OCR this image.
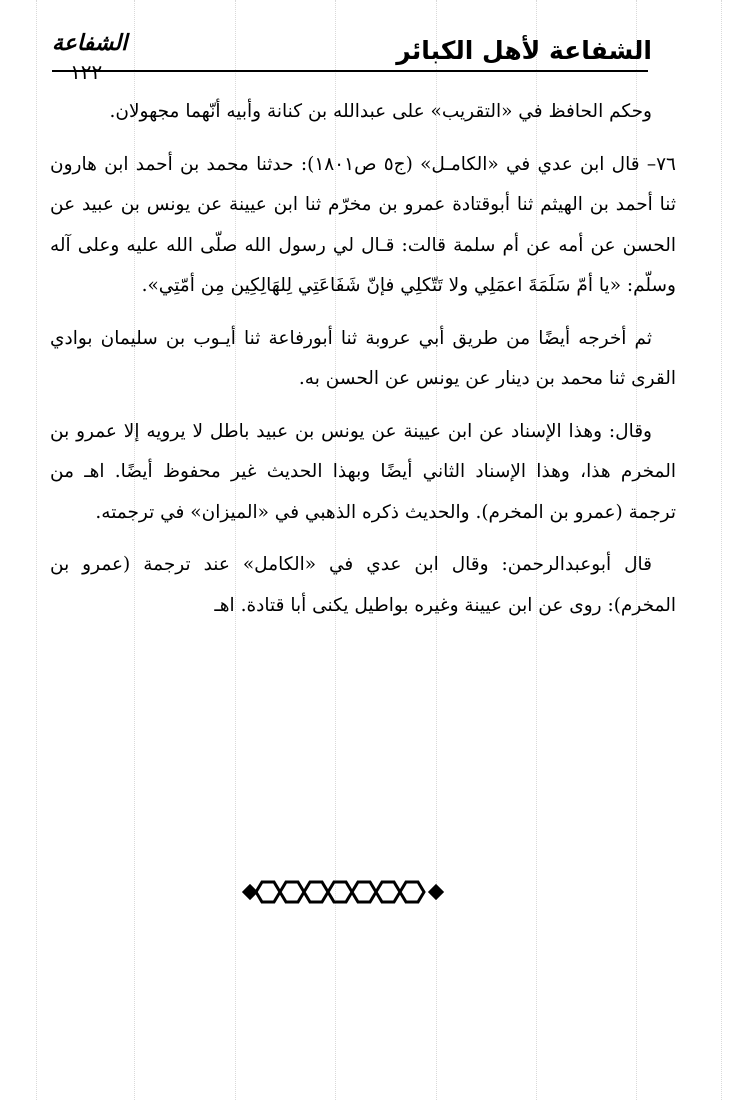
الشفاعة لأهل الكبائر
الشفاعة
١٢٢

وحكم الحافظ في «التقريب» على عبدالله بن كنانة وأبيه أنّهما مجهولان.

٧٦– قال ابن عدي في «الكامـل» (ج٥ ص١٨٠١): حدثنا محمد بن أحمد ابن هارون ثنا أحمد بن الهيثم ثنا أبوقتادة عمرو بن مخرّم ثنا ابن عيينة عن يونس بن عبيد عن الحسن عن أمه عن أم سلمة قالت: قـال لي رسول الله صلّى الله عليه وعلى آله وسلّم: «يا أمّ سَلَمَةَ اعمَلِي ولا تَتّكلِي فإنّ شَفَاعَتِي لِلهَالِكِين مِن أمّتِي».

ثم أخرجه أيضًا من طريق أبي عروبة ثنا أبورفاعة ثنا أيـوب بن سليمان بوادي القرى ثنا محمد بن دينار عن يونس عن الحسن به.

وقال: وهذا الإسناد عن ابن عيينة عن يونس بن عبيد باطل لا يرويه إلا عمرو بن المخرم هذا، وهذا الإسناد الثاني أيضًا وبهذا الحديث غير محفوظ أيضًا. اهـ من ترجمة (عمرو بن المخرم). والحديث ذكره الذهبي في «الميزان» في ترجمته.

قال أبوعبدالرحمن: وقال ابن عدي في «الكامل» عند ترجمة (عمرو بن المخرم): روى عن ابن عيينة وغيره بواطيل يكنى أبا قتادة. اهـ
